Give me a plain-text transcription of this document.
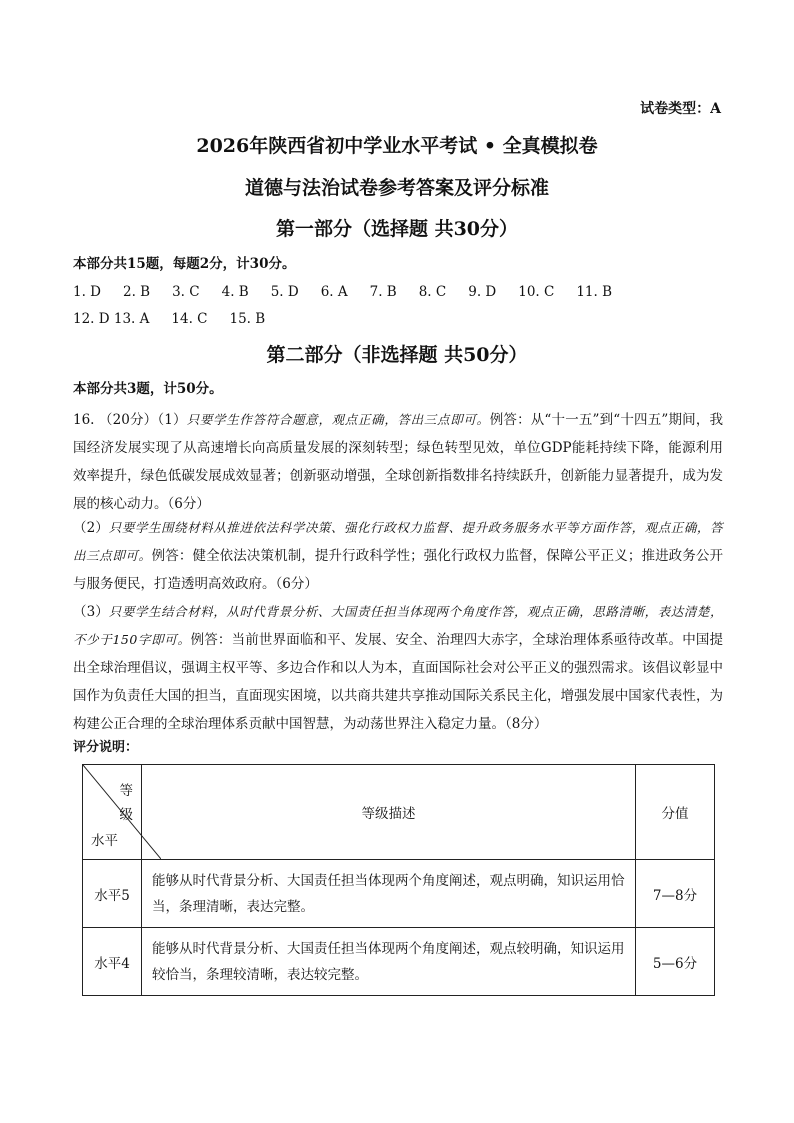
试卷类型：A
2026年陕西省初中学业水平考试 • 全真模拟卷
道德与法治试卷参考答案及评分标准
第一部分（选择题 共30分）
本部分共15题，每题2分，计30分。
1. D 2. B 3. C 4. B 5. D 6. A 7. B 8. C 9. D 10. C 11. B
12. D 13. A 14. C 15. B
第二部分（非选择题 共50分）
本部分共3题，计50分。
16. （20分）（1）只要学生作答符合题意，观点正确，答出三点即可。例答：从“十一五”到“十四五”期间，我国经济发展实现了从高速增长向高质量发展的深刻转型；绿色转型见效，单位GDP能耗持续下降，能源利用效率提升，绿色低碳发展成效显著；创新驱动增强，全球创新指数排名持续跃升，创新能力显著提升，成为发展的核心动力。（6分）
（2）只要学生围绕材料从推进依法科学决策、强化行政权力监督、提升政务服务水平等方面作答，观点正确，答出三点即可。例答：健全依法决策机制，提升行政科学性；强化行政权力监督，保障公平正义；推进政务公开与服务便民，打造透明高效政府。（6分）
（3）只要学生结合材料，从时代背景分析、大国责任担当体现两个角度作答，观点正确，思路清晰，表达清楚，不少于150字即可。例答：当前世界面临和平、发展、安全、治理四大赤字，全球治理体系亟待改革。中国提出全球治理倡议，强调主权平等、多边合作和以人为本，直面国际社会对公平正义的强烈需求。该倡议彰显中国作为负责任大国的担当，直面现实困境，以共商共建共享推动国际关系民主化，增强发展中国家代表性，为构建公正合理的全球治理体系贡献中国智慧，为动荡世界注入稳定力量。（8分）
评分说明：
等
级
水平	等级描述	分值
水平5	能够从时代背景分析、大国责任担当体现两个角度阐述，观点明确，知识运用恰当，条理清晰，表达完整。	7—8分
水平4	能够从时代背景分析、大国责任担当体现两个角度阐述，观点较明确，知识运用较恰当，条理较清晰，表达较完整。	5—6分
